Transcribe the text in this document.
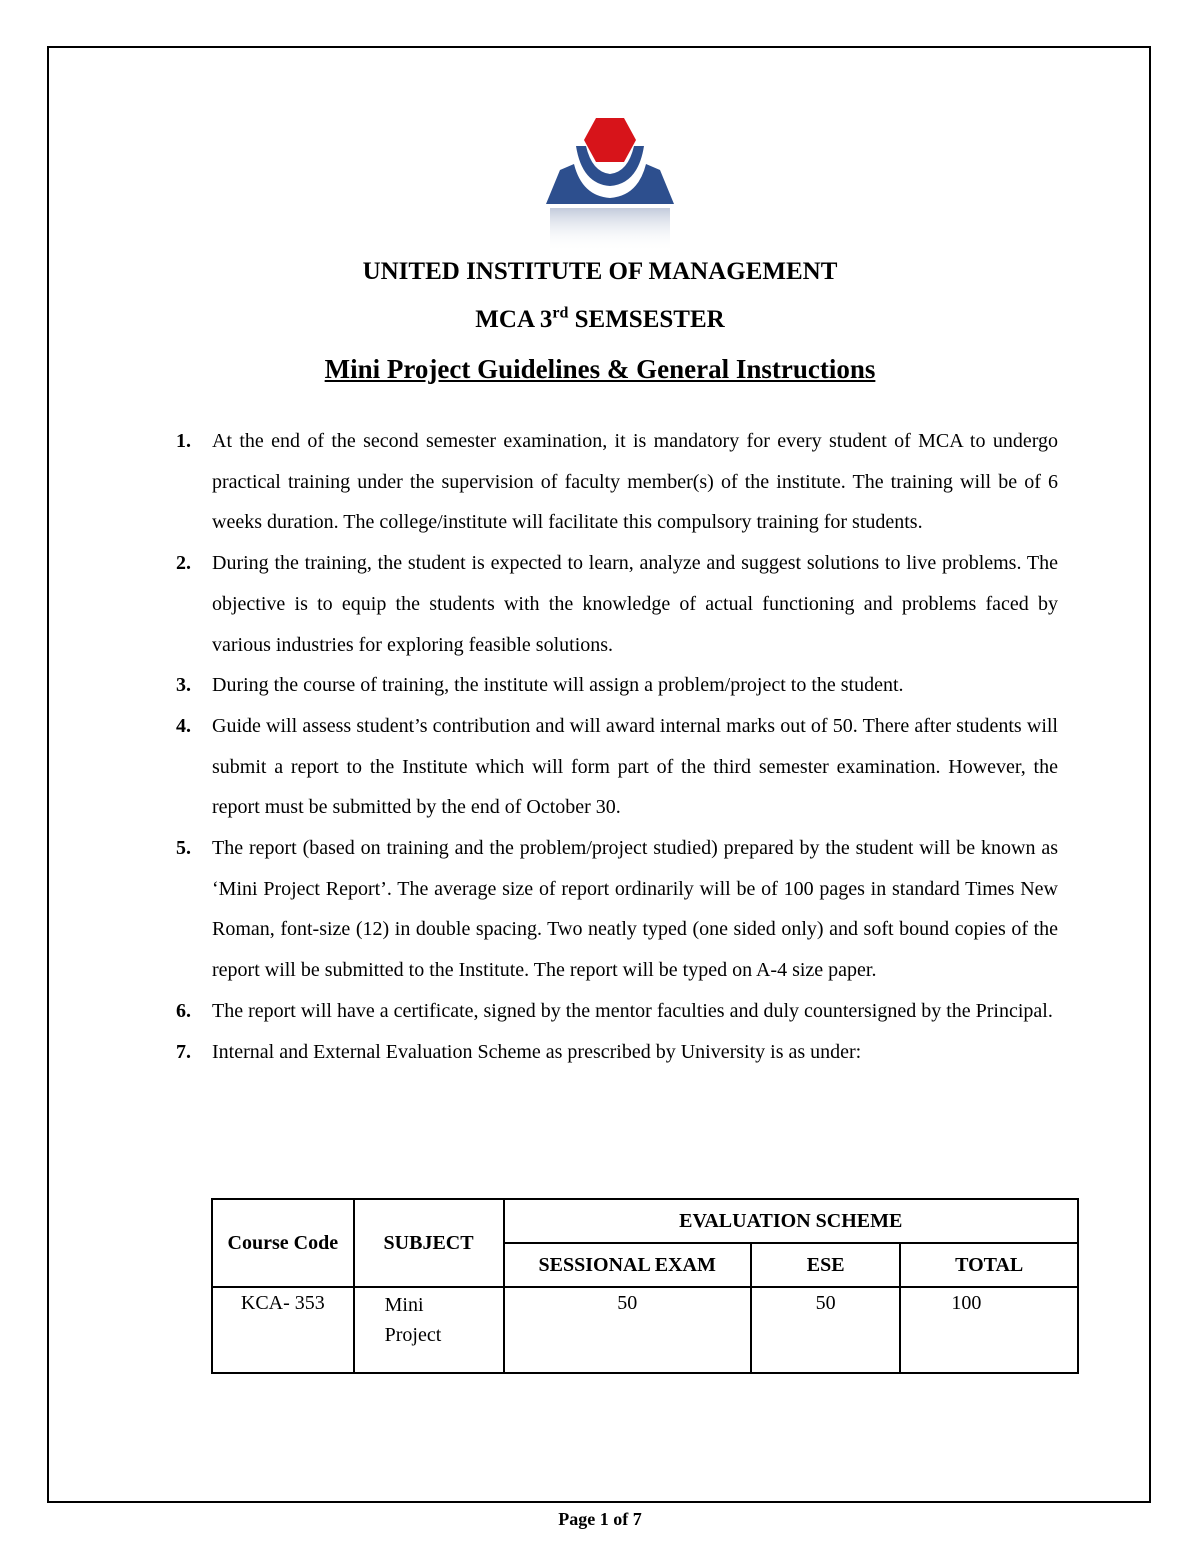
UNITED INSTITUTE OF MANAGEMENT
MCA 3rd SEMSESTER
Mini Project Guidelines & General Instructions
1. At the end of the second semester examination, it is mandatory for every student of MCA to undergo practical training under the supervision of faculty member(s) of the institute. The training will be of 6 weeks duration. The college/institute will facilitate this compulsory training for students.
2. During the training, the student is expected to learn, analyze and suggest solutions to live problems. The objective is to equip the students with the knowledge of actual functioning and problems faced by various industries for exploring feasible solutions.
3. During the course of training, the institute will assign a problem/project to the student.
4. Guide will assess student’s contribution and will award internal marks out of 50. There after students will submit a report to the Institute which will form part of the third semester examination. However, the report must be submitted by the end of October 30.
5. The report (based on training and the problem/project studied) prepared by the student will be known as ‘Mini Project Report’. The average size of report ordinarily will be of 100 pages in standard Times New Roman, font-size (12) in double spacing. Two neatly typed (one sided only) and soft bound copies of the report will be submitted to the Institute. The report will be typed on A-4 size paper.
6. The report will have a certificate, signed by the mentor faculties and duly countersigned by the Principal.
7. Internal and External Evaluation Scheme as prescribed by University is as under:
Course Code	SUBJECT	EVALUATION SCHEME		
		SESSIONAL EXAM	ESE	TOTAL
KCA- 353	Mini Project	50	50	100
Page 1 of 7
